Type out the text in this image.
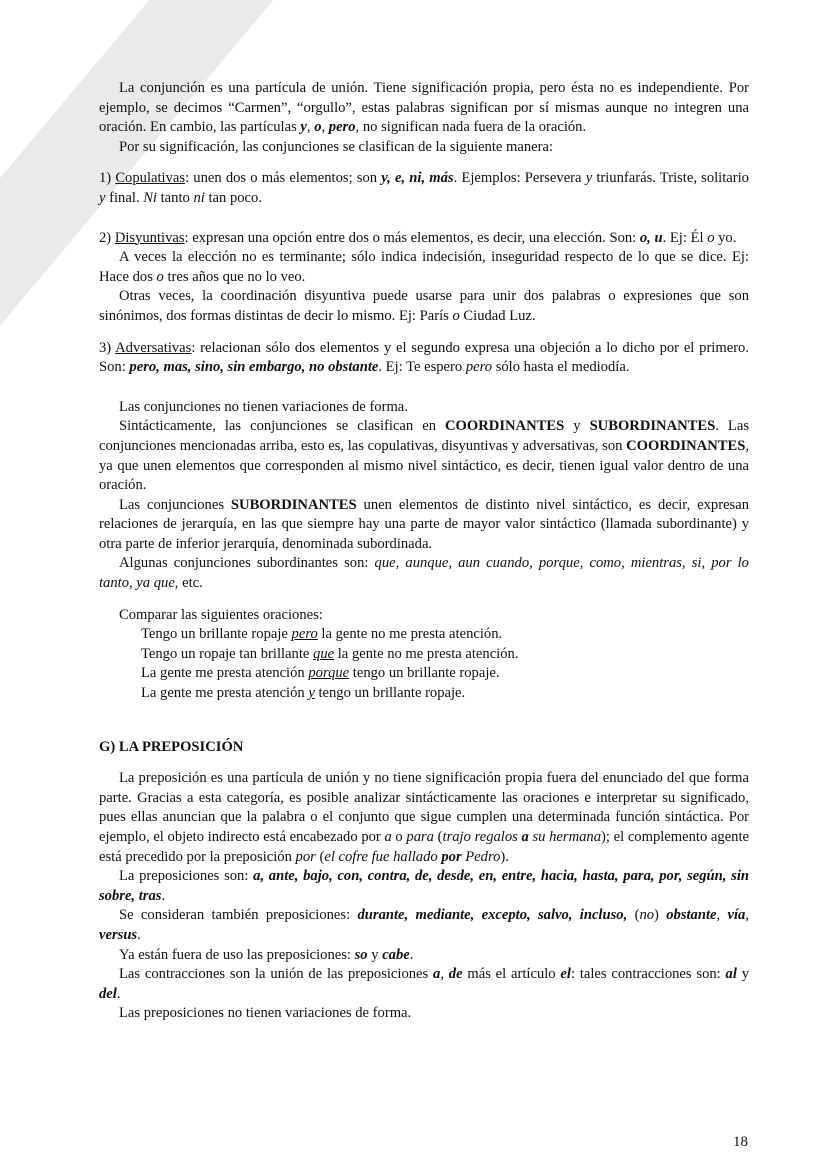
La conjunción es una partícula de unión. Tiene significación propia, pero ésta no es independiente. Por ejemplo, se decimos “Carmen”, “orgullo”, estas palabras significan por sí mismas aunque no integren una oración. En cambio, las partículas y, o, pero, no significan nada fuera de la oración.

Por su significación, las conjunciones se clasifican de la siguiente manera:

1) Copulativas: unen dos o más elementos; son y, e, ni, más. Ejemplos: Persevera y triunfarás. Triste, solitario y final. Ni tanto ni tan poco.

2) Disyuntivas: expresan una opción entre dos o más elementos, es decir, una elección. Son: o, u. Ej: Él o yo.

A veces la elección no es terminante; sólo indica indecisión, inseguridad respecto de lo que se dice. Ej: Hace dos o tres años que no lo veo.

Otras veces, la coordinación disyuntiva puede usarse para unir dos palabras o expresiones que son sinónimos, dos formas distintas de decir lo mismo. Ej: París o Ciudad Luz.

3) Adversativas: relacionan sólo dos elementos y el segundo expresa una objeción a lo dicho por el primero. Son: pero, mas, sino, sin embargo, no obstante. Ej: Te espero pero sólo hasta el mediodía.

Las conjunciones no tienen variaciones de forma.

Sintácticamente, las conjunciones se clasifican en COORDINANTES y SUBORDINANTES. Las conjunciones mencionadas arriba, esto es, las copulativas, disyuntivas y adversativas, son COORDINANTES, ya que unen elementos que corresponden al mismo nivel sintáctico, es decir, tienen igual valor dentro de una oración.

Las conjunciones SUBORDINANTES unen elementos de distinto nivel sintáctico, es decir, expresan relaciones de jerarquía, en las que siempre hay una parte de mayor valor sintáctico (llamada subordinante) y otra parte de inferior jerarquía, denominada subordinada.

Algunas conjunciones subordinantes son: que, aunque, aun cuando, porque, como, mientras, si, por lo tanto, ya que, etc.

Comparar las siguientes oraciones:

Tengo un brillante ropaje pero la gente no me presta atención.

Tengo un ropaje tan brillante que la gente no me presta atención.

La gente me presta atención porque tengo un brillante ropaje.

La gente me presta atención y tengo un brillante ropaje.

G) LA PREPOSICIÓN

La preposición es una partícula de unión y no tiene significación propia fuera del enunciado del que forma parte. Gracias a esta categoría, es posible analizar sintácticamente las oraciones e interpretar su significado, pues ellas anuncian que la palabra o el conjunto que sigue cumplen una determinada función sintáctica. Por ejemplo, el objeto indirecto está encabezado por a o para (trajo regalos a su hermana); el complemento agente está precedido por la preposición por (el cofre fue hallado por Pedro).

La preposiciones son: a, ante, bajo, con, contra, de, desde, en, entre, hacia, hasta, para, por, según, sin sobre, tras.

Se consideran también preposiciones: durante, mediante, excepto, salvo, incluso, (no) obstante, vía, versus.

Ya están fuera de uso las preposiciones: so y cabe.

Las contracciones son la unión de las preposiciones a, de más el artículo el: tales contracciones son: al y del.

Las preposiciones no tienen variaciones de forma.

18
